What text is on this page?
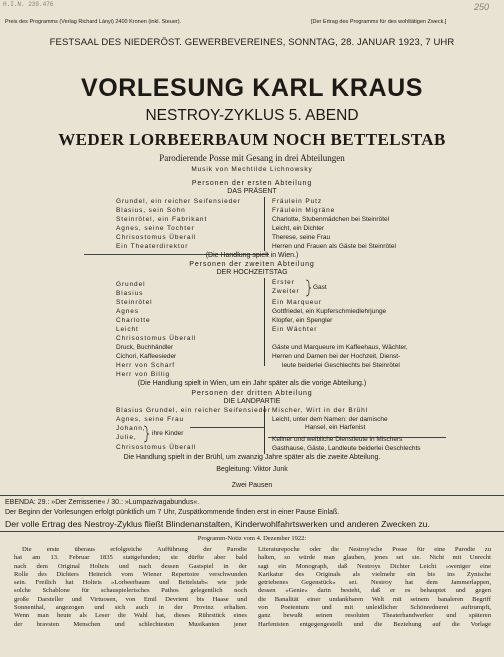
H.I.N. 239.476	250
Preis des Programms (Verlag Richard Lányi) 2400 Kronen (inkl. Steuer).	[Der Ertrag des Programms für des wohltätigen Zweck.]
FESTSAAL DES NIEDERÖST. GEWERBEVEREINES, SONNTAG, 28. JANUAR 1923, 7 UHR
VORLESUNG KARL KRAUS
NESTROY-ZYKLUS 5. ABEND
WEDER LORBEERBAUM NOCH BETTELSTAB
Parodierende Posse mit Gesang in drei Abteilungen
Musik von Mechtilde Lichnowsky
Personen der ersten Abteilung
DAS PRÄSENT
Grundel, ein reicher Seifensieder
Blasius, sein Sohn
Steinrötel, ein Fabrikant
Agnes, seine Tochter
Chrisostomus Überall
Ein Theaterdirektor
Fräulein Putz
Fräulein Migräne
Charlotte, Stubenmädchen bei Steinrötel
Leicht, ein Dichter
Therese, seine Frau
Herren und Frauen als Gäste bei Steinrötel
(Die Handlung spielt in Wien.)
Personen der zweiten Abteilung
DER HOCHZEITSTAG
Grundel
Blasius
Steinrötel
Agnes
Charlotte
Leicht
Chrisostomus Überall
Druck, Buchhändler
Cichori, Kaffeesieder
Herr von Scharf
Herr von Billig
Erster
Zweiter
Gast
Ein Marqueur
Gottfriedel, ein Kupferschmiedlehrjunge
Klopfer, ein Spengler
Ein Wächter
Gäste und Marqueure im Kaffeehaus, Wächter,
Herren und Damen bei der Hochzeit, Dienst-
leute beiderlei Geschlechts bei Steinrötel
(Die Handlung spielt in Wien, um ein Jahr später als die vorige Abteilung.)
Personen der dritten Abteilung
DIE LANDPARTIE
Blasius Grundel, ein reicher Seifensieder
Agnes, seine Frau
Johann,
Julie,
ihre Kinder
Chrisostomus Überall
Mischer, Wirt in der Brühl
Leicht, unter dem Namen: der damische
Hansel, ein Harfenist
Kellner und weibliche Dienstleute in Mischers
Gasthause, Gäste, Landleute beiderlei Geschlechts
Die Handlung spielt in der Brühl, um zwanzig Jahre später als die zweite Abteilung.
Begleitung: Viktor Junk
Zwei Pausen
EBENDA: 29.: »Der Zerrissene« / 30.: »Lumpazivagabundus«.
Der Beginn der Vorlesungen erfolgt pünktlich um 7 Uhr, Zuspätkommende finden erst in einer Pause Einlaß.
Der volle Ertrag des Nestroy-Zyklus fließt Blindenanstalten, Kinderwohlfahrtswerken und anderen Zwecken zu.
Programm-Notiz vom 4. Dezember 1922:
Die erste überaus erfolgreiche Aufführung der Parodie
hat am 13. Februar 1835 stattgefunden; sie dürfte aber bald
nach dem Original Holteis und nach dessen Gastspiel in der
Rolle des Dichters Heinrich vom Wiener Repertoire verschwunden
sein. Freilich hat Holteis »Lorbeerbaum und Bettelstab« wie jede
solche Schablone für schauspielerisches Pathos gelegentlich noch
große Darsteller und Virtuosen, von Emil Devrient bis Haase und
Sonnenthal, angezogen und sich auch in der Provinz erhalten.
Wenn man heute als Leser die Wahl hat, dieses Rührstück eines
der bravsten Menschen und schlechtesten Musikanten jener
Literaturepoche oder die Nestroy'sche Posse für eine Parodie zu
halten, so würde man glauben, jenes sei sie. Nicht mit Unrecht
sagt ein Monograph, daß Nestroys Dichter Leicht »weniger eine
Karikatur des Originals als vielmehr ein bis ins Zynische
getriebenes Gegenstück« sei. Nestroy hat dem Jammerlappen,
dessen »Genie« darin besteht, daß er es behauptet und gegen
die Banalität einer undankbaren Welt mit seinem banaleren Begriff
von Poetentum und mit unleidlicher Schönrednerei auftrumpft,
ganz bewußt seinen resoluten Theaterhandwerker und späteren
Harfenisten entgegengestellt und die Beziehung auf die Vorlage
